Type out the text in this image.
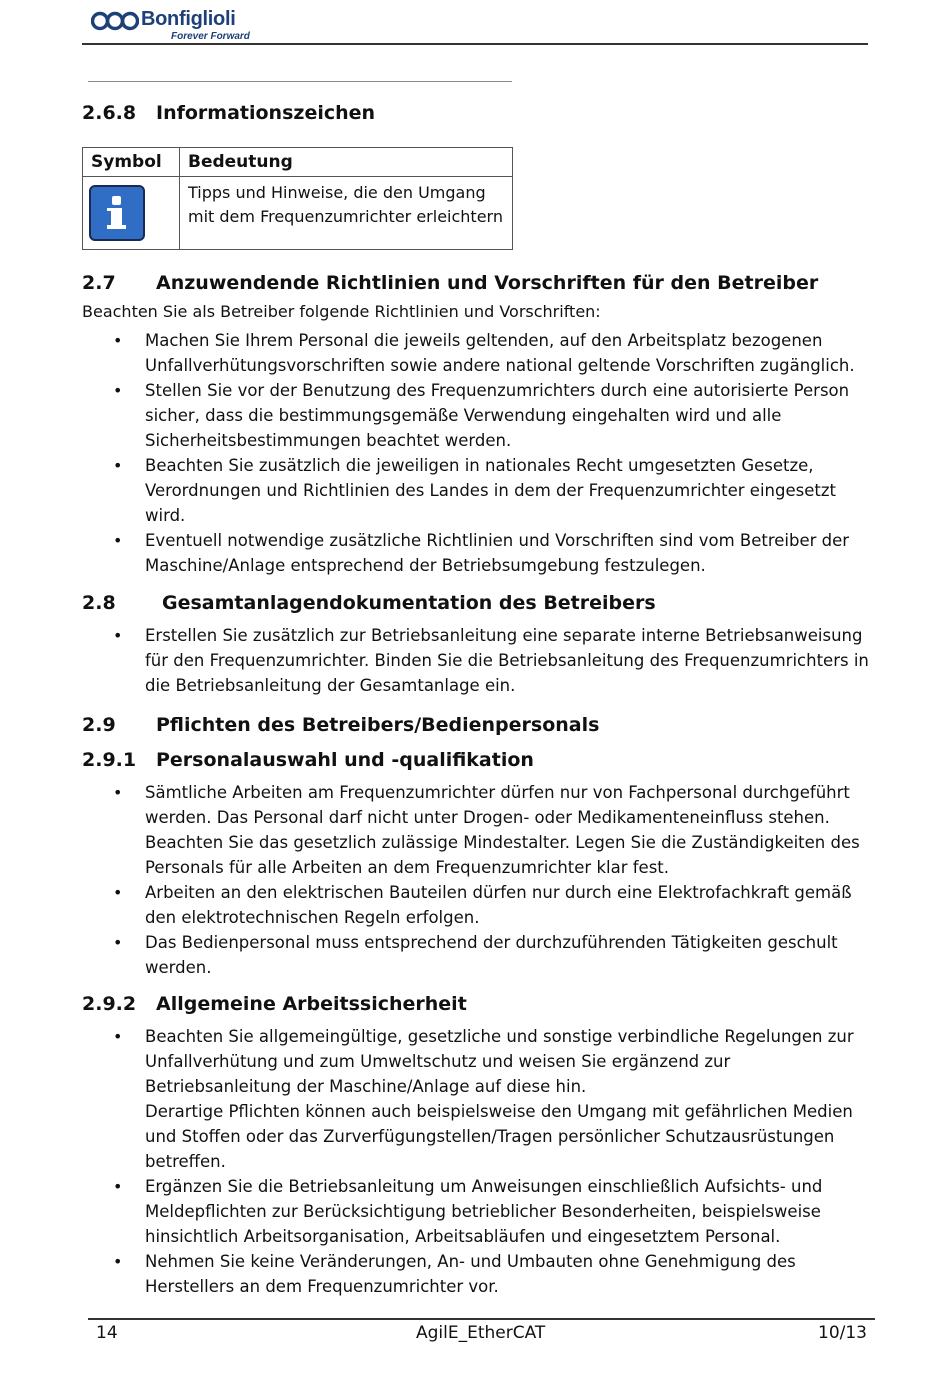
Bonfiglioli
Forever Forward
2.6.8	Informationszeichen
Symbol	Bedeutung

	Tipps und Hinweise, die den Umgang mit dem Frequenzumrichter erleichtern
2.7	Anzuwendende Richtlinien und Vorschriften für den Betreiber

Beachten Sie als Betreiber folgende Richtlinien und Vorschriften:

• Machen Sie Ihrem Personal die jeweils geltenden, auf den Arbeitsplatz bezogenen Unfallverhütungsvorschriften sowie andere national geltende Vorschriften zugänglich.
• Stellen Sie vor der Benutzung des Frequenzumrichters durch eine autorisierte Person sicher, dass die bestimmungsgemäße Verwendung eingehalten wird und alle Sicherheitsbestimmungen beachtet werden.
• Beachten Sie zusätzlich die jeweiligen in nationales Recht umgesetzten Gesetze, Verordnungen und Richtlinien des Landes in dem der Frequenzumrichter eingesetzt wird.
• Eventuell notwendige zusätzliche Richtlinien und Vorschriften sind vom Betreiber der Maschine/Anlage entsprechend der Betriebsumgebung festzulegen.
2.8	Gesamtanlagendokumentation des Betreibers
• Erstellen Sie zusätzlich zur Betriebsanleitung eine separate interne Betriebsanweisung für den Frequenzumrichter. Binden Sie die Betriebsanleitung des Frequenzumrichters in die Betriebsanleitung der Gesamtanlage ein.
2.9	Pflichten des Betreibers/Bedienpersonals
2.9.1	Personalauswahl und -qualifikation
• Sämtliche Arbeiten am Frequenzumrichter dürfen nur von Fachpersonal durchgeführt werden. Das Personal darf nicht unter Drogen- oder Medikamenteneinfluss stehen. Beachten Sie das gesetzlich zulässige Mindestalter. Legen Sie die Zuständigkeiten des Personals für alle Arbeiten an dem Frequenzumrichter klar fest.
• Arbeiten an den elektrischen Bauteilen dürfen nur durch eine Elektrofachkraft gemäß den elektrotechnischen Regeln erfolgen.
• Das Bedienpersonal muss entsprechend der durchzuführenden Tätigkeiten geschult werden.
2.9.2	Allgemeine Arbeitssicherheit
• Beachten Sie allgemeingültige, gesetzliche und sonstige verbindliche Regelungen zur Unfallverhütung und zum Umweltschutz und weisen Sie ergänzend zur Betriebsanleitung der Maschine/Anlage auf diese hin.
Derartige Pflichten können auch beispielsweise den Umgang mit gefährlichen Medien und Stoffen oder das Zurverfügungstellen/Tragen persönlicher Schutzausrüstungen betreffen.
• Ergänzen Sie die Betriebsanleitung um Anweisungen einschließlich Aufsichts- und Meldepflichten zur Berücksichtigung betrieblicher Besonderheiten, beispielsweise hinsichtlich Arbeitsorganisation, Arbeitsabläufen und eingesetztem Personal.
• Nehmen Sie keine Veränderungen, An- und Umbauten ohne Genehmigung des Herstellers an dem Frequenzumrichter vor.
14	AgilE_EtherCAT	10/13
